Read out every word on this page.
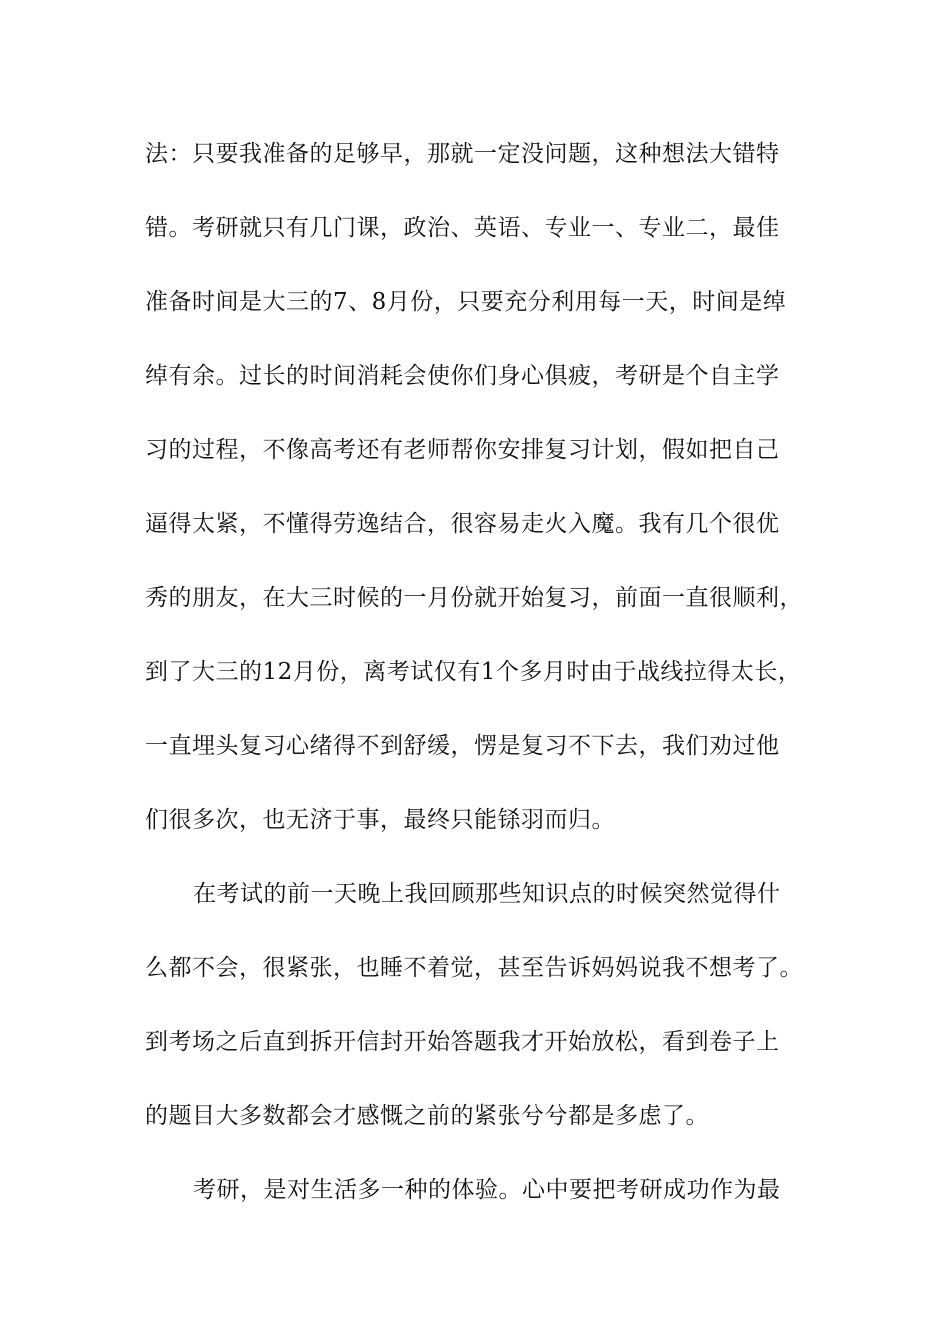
法：只要我准备的足够早，那就一定没问题，这种想法大错特
错。考研就只有几门课，政治、英语、专业一、专业二，最佳
准备时间是大三的7、8月份，只要充分利用每一天，时间是绰
绰有余。过长的时间消耗会使你们身心俱疲，考研是个自主学
习的过程，不像高考还有老师帮你安排复习计划，假如把自己
逼得太紧，不懂得劳逸结合，很容易走火入魔。我有几个很优
秀的朋友，在大三时候的一月份就开始复习，前面一直很顺利，
到了大三的12月份，离考试仅有1个多月时由于战线拉得太长，
一直埋头复习心绪得不到舒缓，愣是复习不下去，我们劝过他
们很多次，也无济于事，最终只能铩羽而归。
在考试的前一天晚上我回顾那些知识点的时候突然觉得什
么都不会，很紧张，也睡不着觉，甚至告诉妈妈说我不想考了。
到考场之后直到拆开信封开始答题我才开始放松，看到卷子上
的题目大多数都会才感慨之前的紧张兮兮都是多虑了。
考研，是对生活多一种的体验。心中要把考研成功作为最
